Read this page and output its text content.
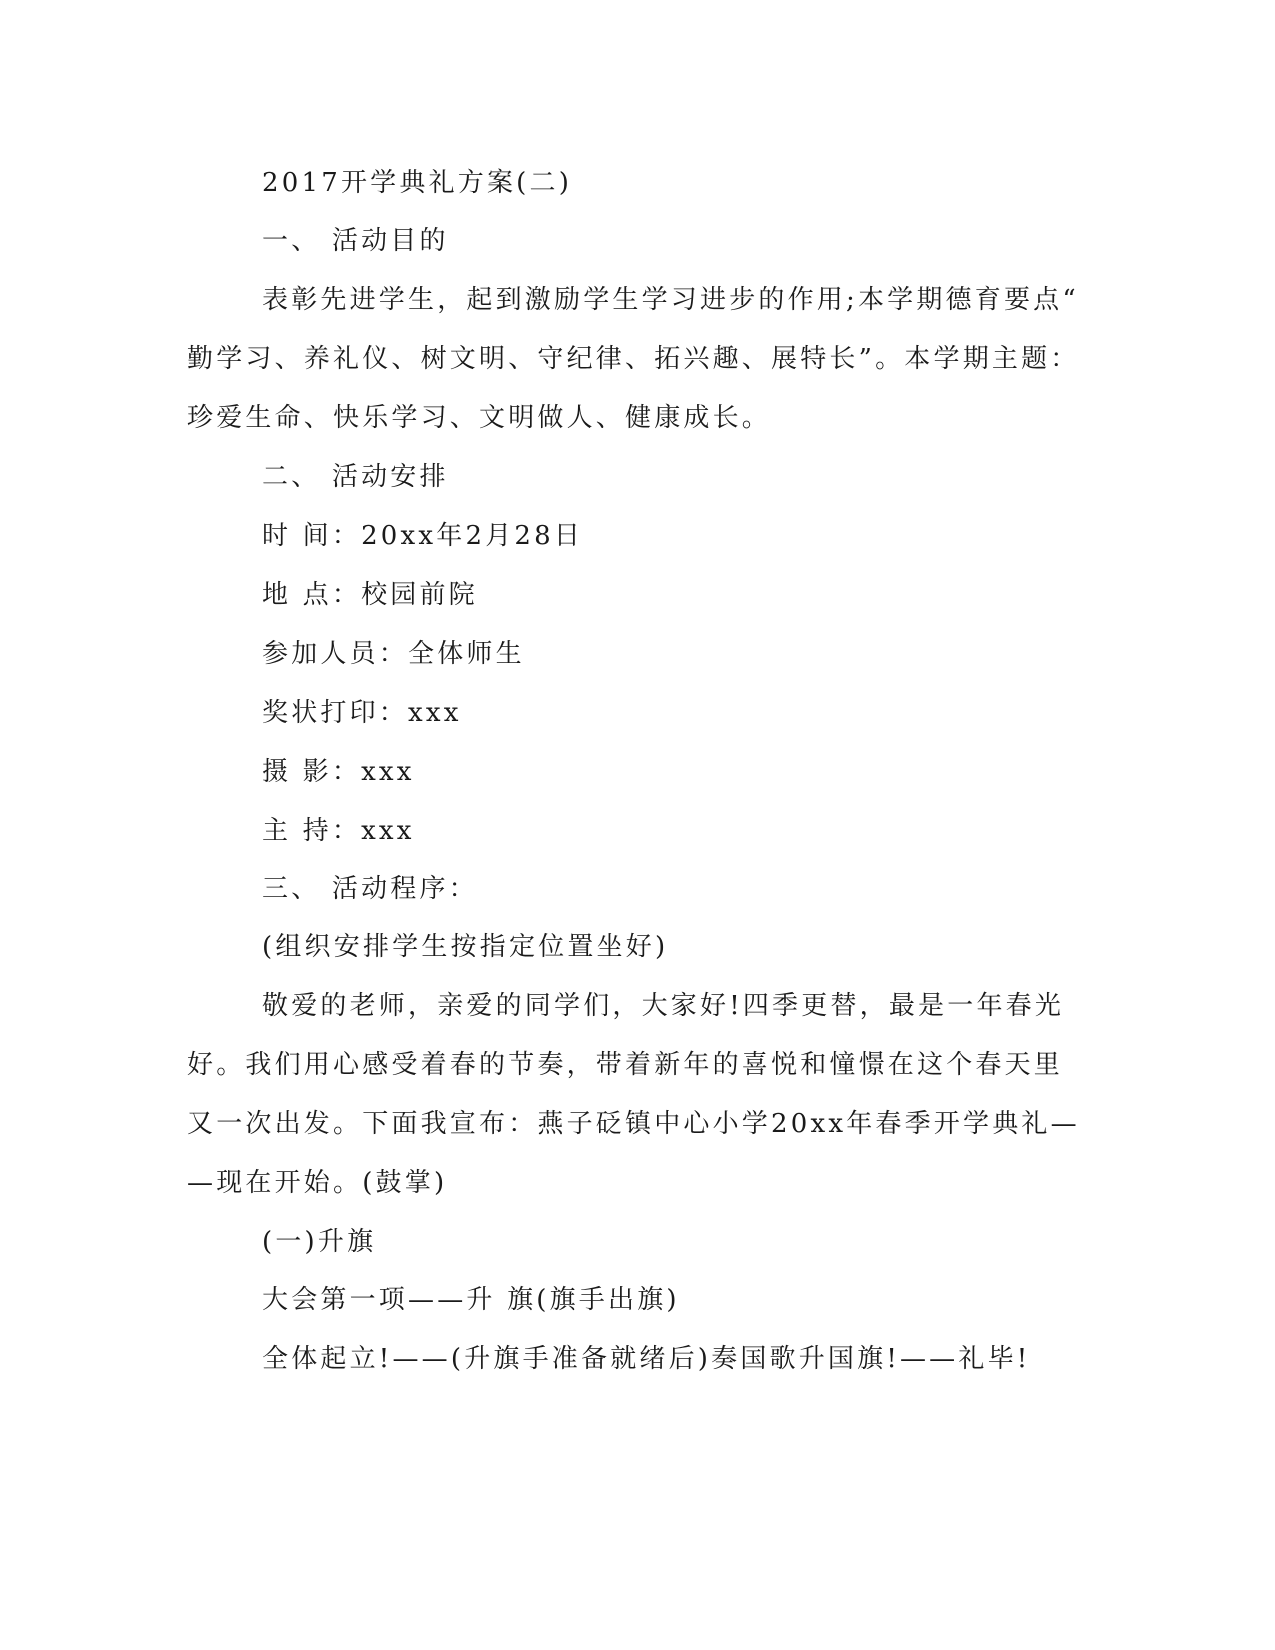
2017开学典礼方案(二)
一、 活动目的
表彰先进学生，起到激励学生学习进步的作用;本学期德育要点“
勤学习、养礼仪、树文明、守纪律、拓兴趣、展特长”。本学期主题：
珍爱生命、快乐学习、文明做人、健康成长。
二、 活动安排
时 间：20xx年2月28日
地 点：校园前院
参加人员：全体师生
奖状打印：xxx
摄 影：xxx
主 持：xxx
三、 活动程序：
(组织安排学生按指定位置坐好)
敬爱的老师，亲爱的同学们，大家好!四季更替，最是一年春光
好。我们用心感受着春的节奏，带着新年的喜悦和憧憬在这个春天里
又一次出发。下面我宣布：燕子砭镇中心小学20xx年春季开学典礼—
—现在开始。(鼓掌)
(一)升旗
大会第一项——升 旗(旗手出旗)
全体起立!——(升旗手准备就绪后)奏国歌升国旗!——礼毕!
